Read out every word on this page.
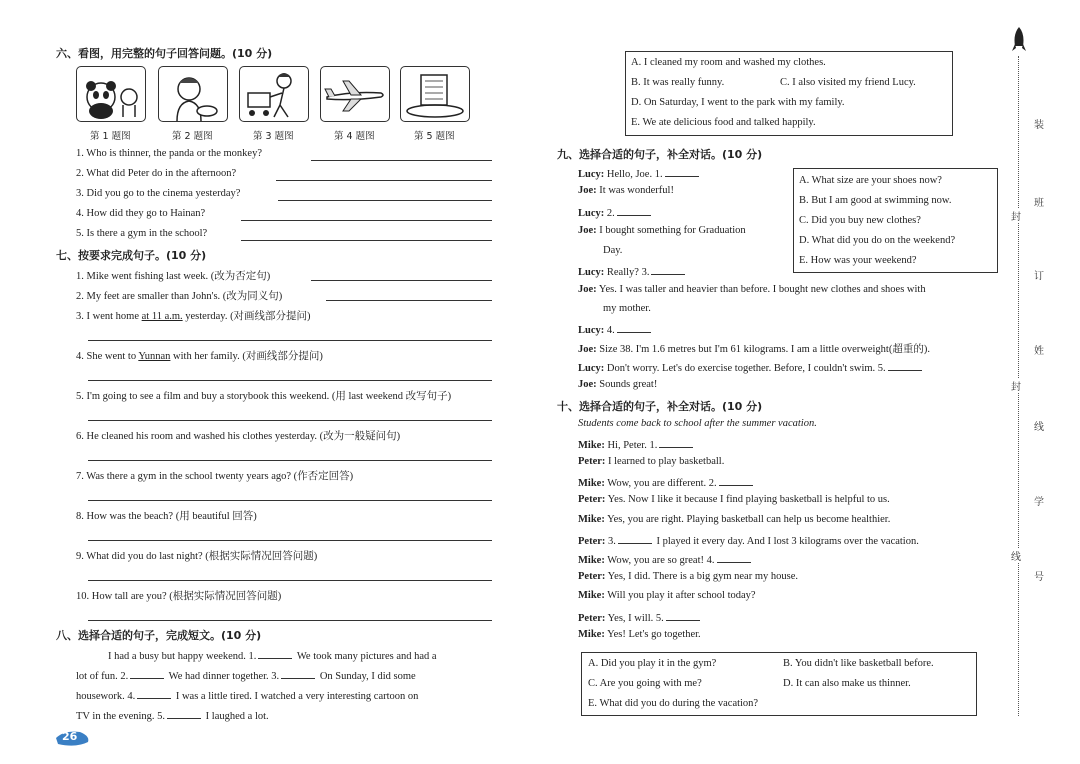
六、看图，用完整的句子回答问题。(10 分)
第 1 题图	第 2 题图	第 3 题图	第 4 题图	第 5 题图
1. Who is thinner, the panda or the monkey?
2. What did Peter do in the afternoon?
3. Did you go to the cinema yesterday?
4. How did they go to Hainan?
5. Is there a gym in the school?
七、按要求完成句子。(10 分)
1. Mike went fishing last week. (改为否定句)
2. My feet are smaller than John's. (改为同义句)
3. I went home at 11 a.m. yesterday. (对画线部分提问)
4. She went to Yunnan with her family. (对画线部分提问)
5. I'm going to see a film and buy a storybook this weekend. (用 last weekend 改写句子)
6. He cleaned his room and washed his clothes yesterday. (改为一般疑问句)
7. Was there a gym in the school twenty years ago? (作否定回答)
8. How was the beach? (用 beautiful 回答)
9. What did you do last night? (根据实际情况回答问题)
10. How tall are you? (根据实际情况回答问题)
八、选择合适的句子，完成短文。(10 分)
I had a busy but happy weekend. 1.	We took many pictures and had a
lot of fun. 2.	We had dinner together. 3.	On Sunday, I did some
housework. 4.	I was a little tired. I watched a very interesting cartoon on
TV in the evening. 5.	I laughed a lot.
26
A. I cleaned my room and washed my clothes.
B. It was really funny.	C. I also visited my friend Lucy.
D. On Saturday, I went to the park with my family.
E. We ate delicious food and talked happily.
九、选择合适的句子，补全对话。(10 分)
Lucy: Hello, Joe. 1.
Joe: It was wonderful!
Lucy: 2.
Joe: I bought something for Graduation
Day.
Lucy: Really? 3.
Joe: Yes. I was taller and heavier than before. I bought new clothes and shoes with
my mother.
Lucy: 4.
Joe: Size 38. I'm 1.6 metres but I'm 61 kilograms. I am a little overweight(超重的).
Lucy: Don't worry. Let's do exercise together. Before, I couldn't swim. 5.
Joe: Sounds great!
A. What size are your shoes now?
B. But I am good at swimming now.
C. Did you buy new clothes?
D. What did you do on the weekend?
E. How was your weekend?
十、选择合适的句子，补全对话。(10 分)
Students come back to school after the summer vacation.
Mike: Hi, Peter. 1.
Peter: I learned to play basketball.
Mike: Wow, you are different. 2.
Peter: Yes. Now I like it because I find playing basketball is helpful to us.
Mike: Yes, you are right. Playing basketball can help us become healthier.
Peter: 3.	I played it every day. And I lost 3 kilograms over the vacation.
Mike: Wow, you are so great! 4.
Peter: Yes, I did. There is a big gym near my house.
Mike: Will you play it after school today?
Peter: Yes, I will. 5.
Mike: Yes! Let's go together.
A. Did you play it in the gym?	B. You didn't like basketball before.
C. Are you going with me?	D. It can also make us thinner.
E. What did you do during the vacation?
封
封
线
装
班
订
姓
线
学
号
